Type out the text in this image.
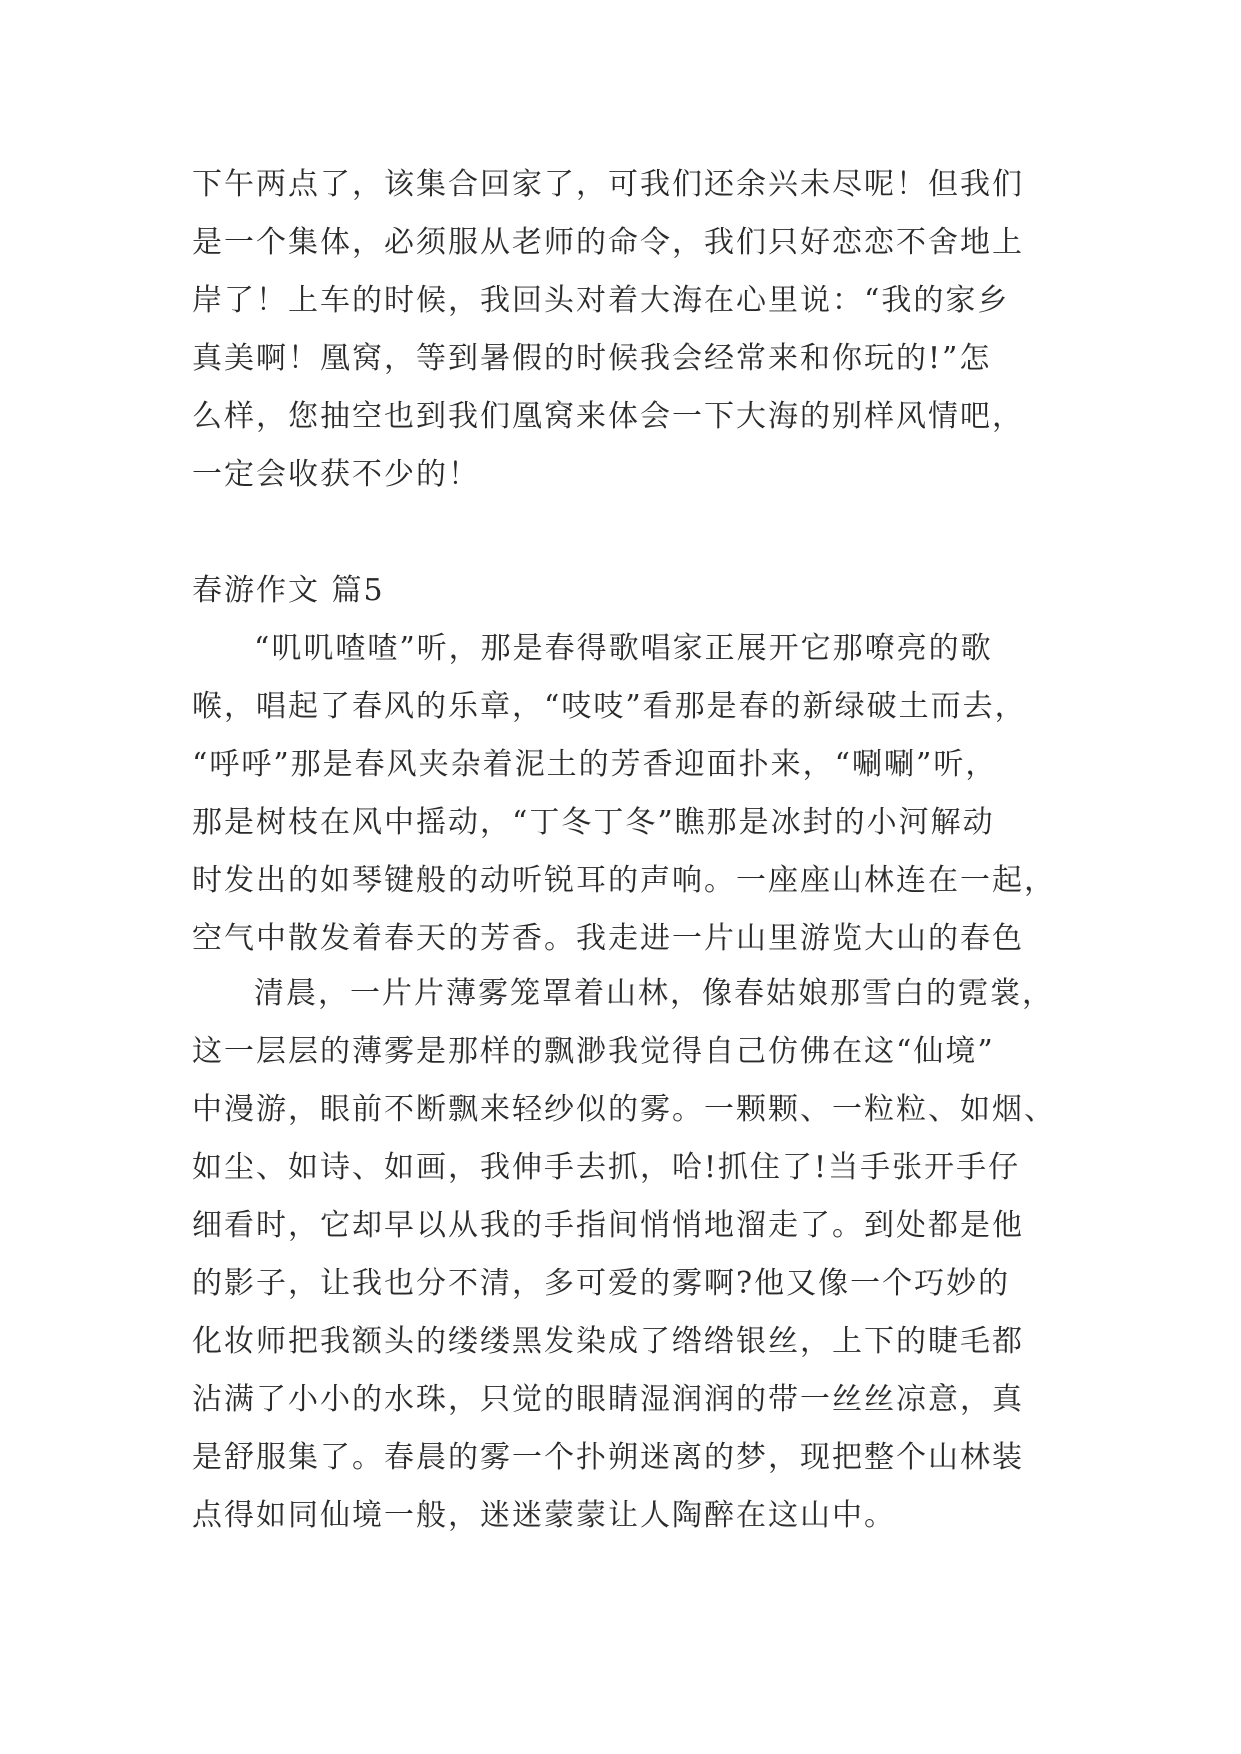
下午两点了，该集合回家了，可我们还余兴未尽呢！但我们
是一个集体，必须服从老师的命令，我们只好恋恋不舍地上
岸了！上车的时候，我回头对着大海在心里说：“我的家乡
真美啊！凰窝，等到暑假的时候我会经常来和你玩的!”怎
么样，您抽空也到我们凰窝来体会一下大海的别样风情吧，
一定会收获不少的！
春游作文 篇5
“叽叽喳喳”听，那是春得歌唱家正展开它那嘹亮的歌
喉，唱起了春风的乐章，“吱吱”看那是春的新绿破土而去，
“呼呼”那是春风夹杂着泥土的芳香迎面扑来，“唰唰”听，
那是树枝在风中摇动，“丁冬丁冬”瞧那是冰封的小河解动
时发出的如琴键般的动听锐耳的声响。一座座山林连在一起，
空气中散发着春天的芳香。我走进一片山里游览大山的春色
清晨，一片片薄雾笼罩着山林，像春姑娘那雪白的霓裳，
这一层层的薄雾是那样的飘渺我觉得自己仿佛在这“仙境”
中漫游，眼前不断飘来轻纱似的雾。一颗颗、一粒粒、如烟、
如尘、如诗、如画，我伸手去抓，哈!抓住了!当手张开手仔
细看时，它却早以从我的手指间悄悄地溜走了。到处都是他
的影子，让我也分不清，多可爱的雾啊?他又像一个巧妙的
化妆师把我额头的缕缕黑发染成了绺绺银丝，上下的睫毛都
沾满了小小的水珠，只觉的眼睛湿润润的带一丝丝凉意，真
是舒服集了。春晨的雾一个扑朔迷离的梦，现把整个山林装
点得如同仙境一般，迷迷蒙蒙让人陶醉在这山中。
